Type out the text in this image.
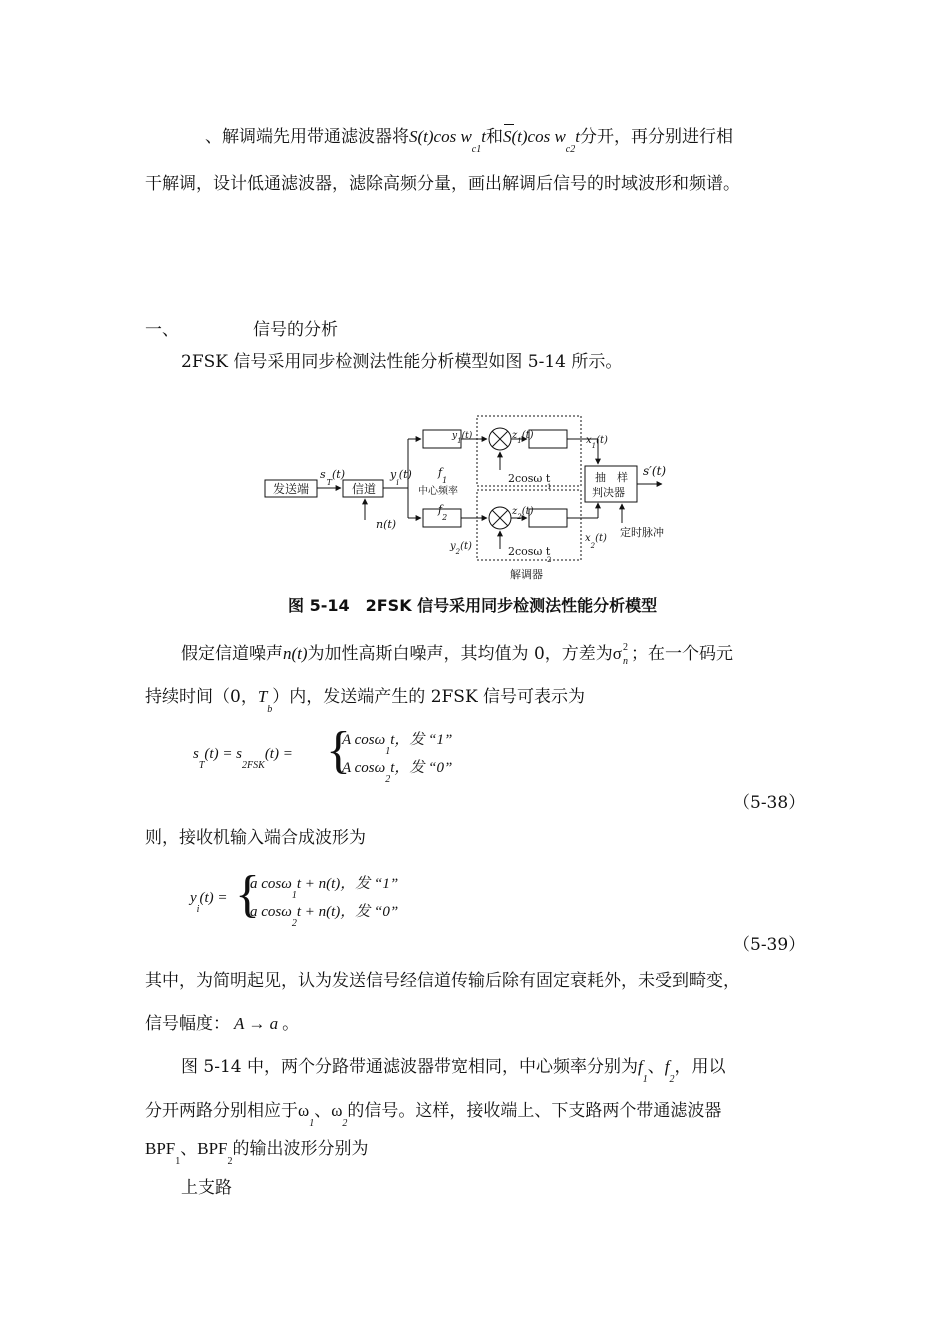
、解调端先用带通滤波器将S(t)cos $w_{c1}t$和
S(t)cos $w_{c2}t$分开，再分别进行相
干解调，设计低通滤波器，滤除高频分量，画出解调后信号的时域波形和频谱。
一、	信号的分析
2FSK 信号采用同步检测法性能分析模型如图 5-14 所示。
发送端	信道
$s_T(t)$	$y_i(t)$
n(t)
$y_1(t)$
$y_2(t)$
$f_1$
中心频率
$f_2$
$z_1(t)$
$z_2(t)$
2cosω t 1
2cosω t 2
$x_1(t)$
$x_2(t)$
抽　样
判决器
s′(t)
定时脉冲
解调器
图 5-14　2FSK 信号采用同步检测法性能分析模型
假定信道噪声n(t)为加性高斯白噪声，其均值为 0，方差为σ 2
n ；在一个码元
持续时间（0，$T_b$）内，发送端产生的 2FSK 信号可表示为
$s_T(t) = s_{2FSK}(t)$ = {
A cosω$_1$t，发 “1”
A cosω$_2$t，发 “0”
（5-38）
则，接收机输入端合成波形为
$y_i(t)$ = {
a cosω$_1$t + n(t)，发 “1”
a cosω$_2$t + n(t)，发 “0”
（5-39）
其中，为简明起见，认为发送信号经信道传输后除有固定衰耗外，未受到畸变，
信号幅度： A → a 。
图 5-14 中，两个分路带通滤波器带宽相同，中心频率分别为$f_1$、$f_2$，用以
分开两路分别相应于$\omega_1$、$\omega_2$的信号。这样，接收端上、下支路两个带通滤波器
$BPF_1$、$BPF_2$的输出波形分别为
上支路
